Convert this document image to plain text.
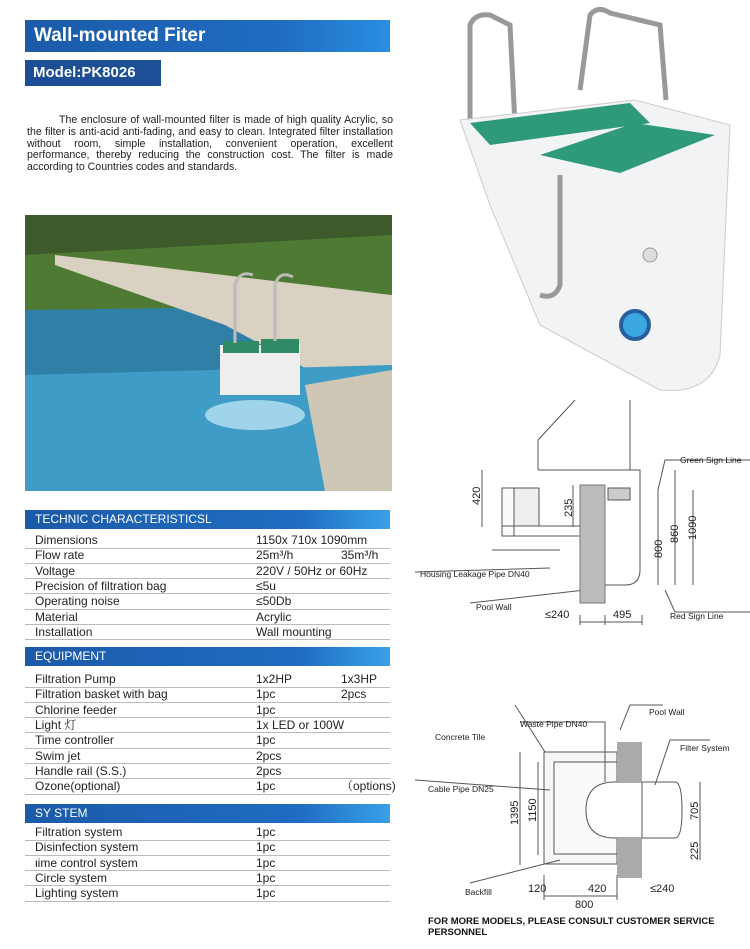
Wall-mounted Fiter
Model:PK8026

The enclosure of wall-mounted filter is made of high quality Acrylic, so the filter is anti-acid anti-fading, and easy to clean. Integrated filter installation without room, simple installation, convenient operation, excellent performance, thereby reducing the construction cost. The filter is made according to Countries codes and standards.

TECHNIC CHARACTERISTICSL
Dimensions	1150x 710x 1090mm
Flow rate	25m³/h	35m³/h
Voltage	220V / 50Hz or 60Hz
Precision of filtration bag	≤5u
Operating noise	≤50Db
Material	Acrylic
Installation	Wall mounting
EQUIPMENT
Filtration Pump	1x2HP	1x3HP
Filtration basket with bag	1pc	2pcs
Chlorine feeder	1pc
Light 灯	1x LED or 100W
Time controller	1pc
Swim jet	2pcs
Handle rail (S.S.)	2pcs
Ozone(optional)	1pc	（options)
SY STEM
Filtration system	1pc
Disinfection system	1pc
ιime control system	1pc
Circle system	1pc
Lighting system	1pc
Green Sign Line
Red Sign Line
Housing Leakage Pipe DN40
Pool Wall
420
235
800
860 1090
≤240	495
Waste Pipe DN40
Pool Wall
Concrete Tile
Filter System
Cable Pipe DN25
Backfill
1395 1150	705
225
120	420	≤240
800
FOR MORE MODELS, PLEASE CONSULT CUSTOMER SERVICE PERSONNEL
